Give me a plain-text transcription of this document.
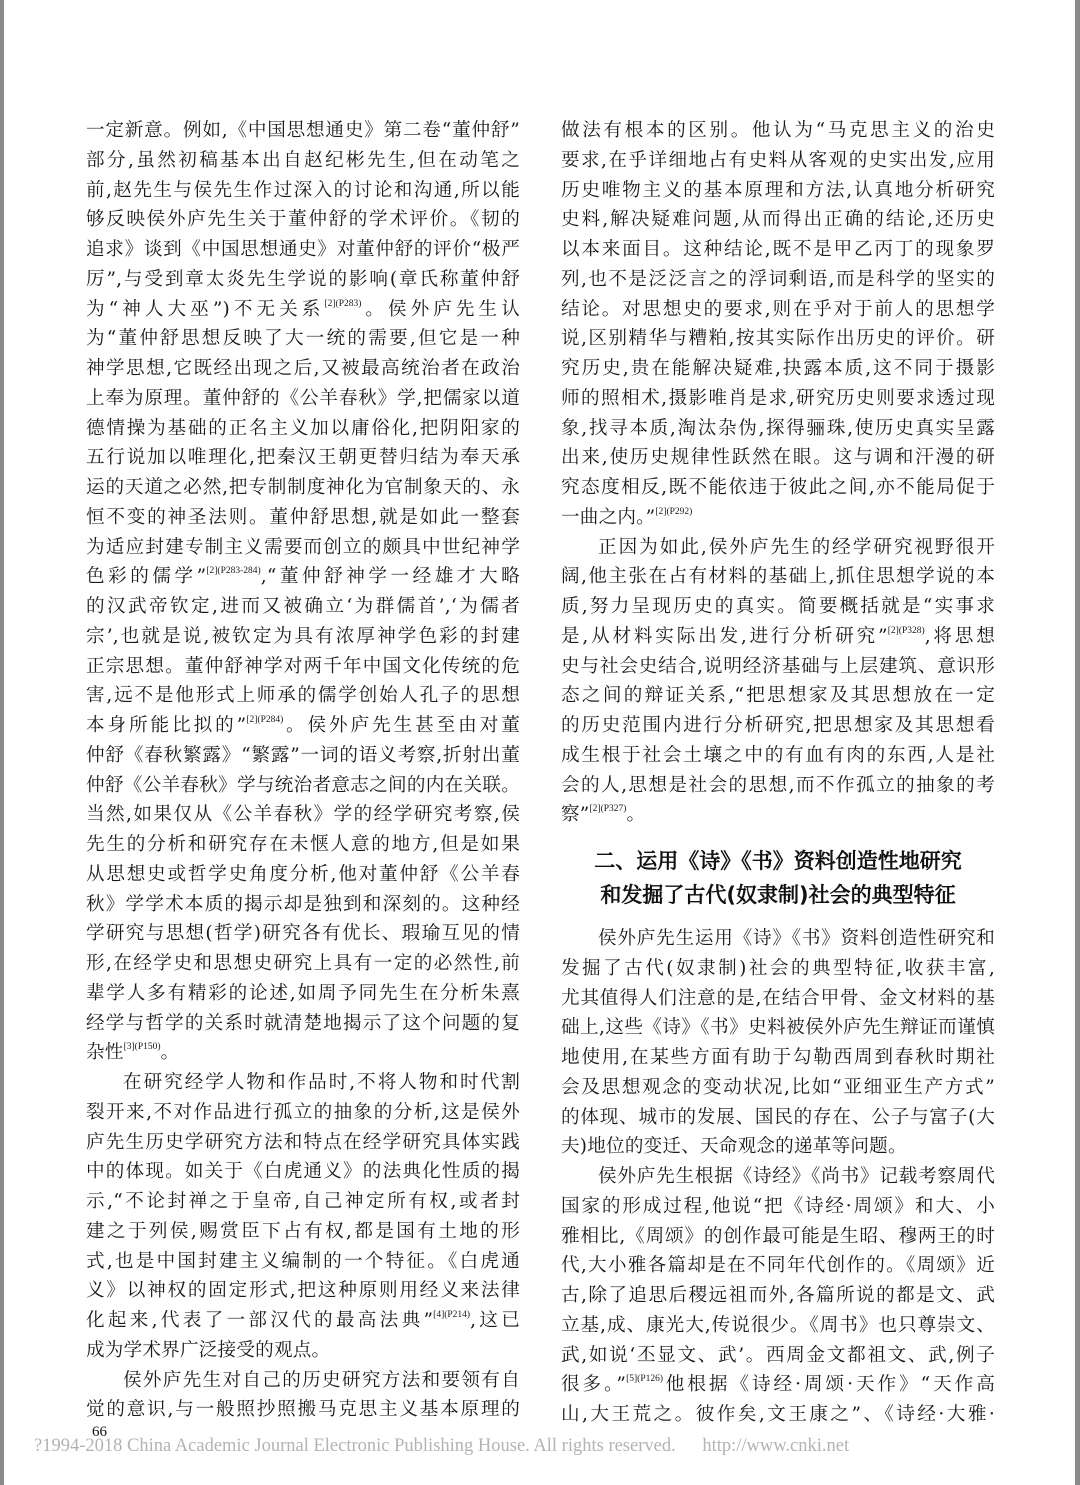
一定新意。例如,《中国思想通史》第二卷“董仲舒”
部分,虽然初稿基本出自赵纪彬先生,但在动笔之
前,赵先生与侯先生作过深入的讨论和沟通,所以能
够反映侯外庐先生关于董仲舒的学术评价。《韧的
追求》谈到《中国思想通史》对董仲舒的评价“极严
厉”,与受到章太炎先生学说的影响(章氏称董仲舒
为“神人大巫”)不无关系$^{[2](P283)}$。侯外庐先生认
为“董仲舒思想反映了大一统的需要,但它是一种
神学思想,它既经出现之后,又被最高统治者在政治
上奉为原理。董仲舒的《公羊春秋》学,把儒家以道
德情操为基础的正名主义加以庸俗化,把阴阳家的
五行说加以唯理化,把秦汉王朝更替归结为奉天承
运的天道之必然,把专制制度神化为官制象天的、永
恒不变的神圣法则。董仲舒思想,就是如此一整套
为适应封建专制主义需要而创立的颇具中世纪神学
色彩的儒学”$^{[2](P283-284)}$,“董仲舒神学一经雄才大略
的汉武帝钦定,进而又被确立‘为群儒首’,‘为儒者
宗’,也就是说,被钦定为具有浓厚神学色彩的封建
正宗思想。董仲舒神学对两千年中国文化传统的危
害,远不是他形式上师承的儒学创始人孔子的思想
本身所能比拟的”$^{[2](P284)}$。侯外庐先生甚至由对董
仲舒《春秋繁露》“繁露”一词的语义考察,折射出董
仲舒《公羊春秋》学与统治者意志之间的内在关联。
当然,如果仅从《公羊春秋》学的经学研究考察,侯
先生的分析和研究存在未惬人意的地方,但是如果
从思想史或哲学史角度分析,他对董仲舒《公羊春
秋》学学术本质的揭示却是独到和深刻的。这种经
学研究与思想(哲学)研究各有优长、瑕瑜互见的情
形,在经学史和思想史研究上具有一定的必然性,前
辈学人多有精彩的论述,如周予同先生在分析朱熹
经学与哲学的关系时就清楚地揭示了这个问题的复
杂性$^{[3](P150)}$。
在研究经学人物和作品时,不将人物和时代割
裂开来,不对作品进行孤立的抽象的分析,这是侯外
庐先生历史学研究方法和特点在经学研究具体实践
中的体现。如关于《白虎通义》的法典化性质的揭
示,“不论封禅之于皇帝,自己神定所有权,或者封
建之于列侯,赐赏臣下占有权,都是国有土地的形
式,也是中国封建主义编制的一个特征。《白虎通
义》以神权的固定形式,把这种原则用经义来法律
化起来,代表了一部汉代的最高法典”$^{[4](P214)}$,这已
成为学术界广泛接受的观点。
侯外庐先生对自己的历史研究方法和要领有自
觉的意识,与一般照抄照搬马克思主义基本原理的
做法有根本的区别。他认为“马克思主义的治史
要求,在乎详细地占有史料从客观的史实出发,应用
历史唯物主义的基本原理和方法,认真地分析研究
史料,解决疑难问题,从而得出正确的结论,还历史
以本来面目。这种结论,既不是甲乙丙丁的现象罗
列,也不是泛泛言之的浮词剩语,而是科学的坚实的
结论。对思想史的要求,则在乎对于前人的思想学
说,区别精华与糟粕,按其实际作出历史的评价。研
究历史,贵在能解决疑难,抉露本质,这不同于摄影
师的照相术,摄影唯肖是求,研究历史则要求透过现
象,找寻本质,淘汰杂伪,探得骊珠,使历史真实呈露
出来,使历史规律性跃然在眼。这与调和汗漫的研
究态度相反,既不能依违于彼此之间,亦不能局促于
一曲之内。”$^{[2](P292)}$
正因为如此,侯外庐先生的经学研究视野很开
阔,他主张在占有材料的基础上,抓住思想学说的本
质,努力呈现历史的真实。简要概括就是“实事求
是,从材料实际出发,进行分析研究”$^{[2](P328)}$,将思想
史与社会史结合,说明经济基础与上层建筑、意识形
态之间的辩证关系,“把思想家及其思想放在一定
的历史范围内进行分析研究,把思想家及其思想看
成生根于社会土壤之中的有血有肉的东西,人是社
会的人,思想是社会的思想,而不作孤立的抽象的考
察”$^{[2](P327)}$。
二、运用《诗》《书》资料创造性地研究
和发掘了古代(奴隶制)社会的典型特征
侯外庐先生运用《诗》《书》资料创造性研究和
发掘了古代(奴隶制)社会的典型特征,收获丰富,
尤其值得人们注意的是,在结合甲骨、金文材料的基
础上,这些《诗》《书》史料被侯外庐先生辩证而谨慎
地使用,在某些方面有助于勾勒西周到春秋时期社
会及思想观念的变动状况,比如“亚细亚生产方式”
的体现、城市的发展、国民的存在、公子与富子(大
夫)地位的变迁、天命观念的递革等问题。
侯外庐先生根据《诗经》《尚书》记载考察周代
国家的形成过程,他说“把《诗经·周颂》和大、小
雅相比,《周颂》的创作最可能是生昭、穆两王的时
代,大小雅各篇却是在不同年代创作的。《周颂》近
古,除了追思后稷远祖而外,各篇所说的都是文、武
立基,成、康光大,传说很少。《周书》也只尊崇文、
武,如说‘丕显文、武’。西周金文都祖文、武,例子
很多。”$^{[5](P126)}$他根据《诗经·周颂·天作》“天作高
山,大王荒之。彼作矣,文王康之”、《诗经·大雅·
66
?1994-2018 China Academic Journal Electronic Publishing House. All rights reserved. http://www.cnki.net
